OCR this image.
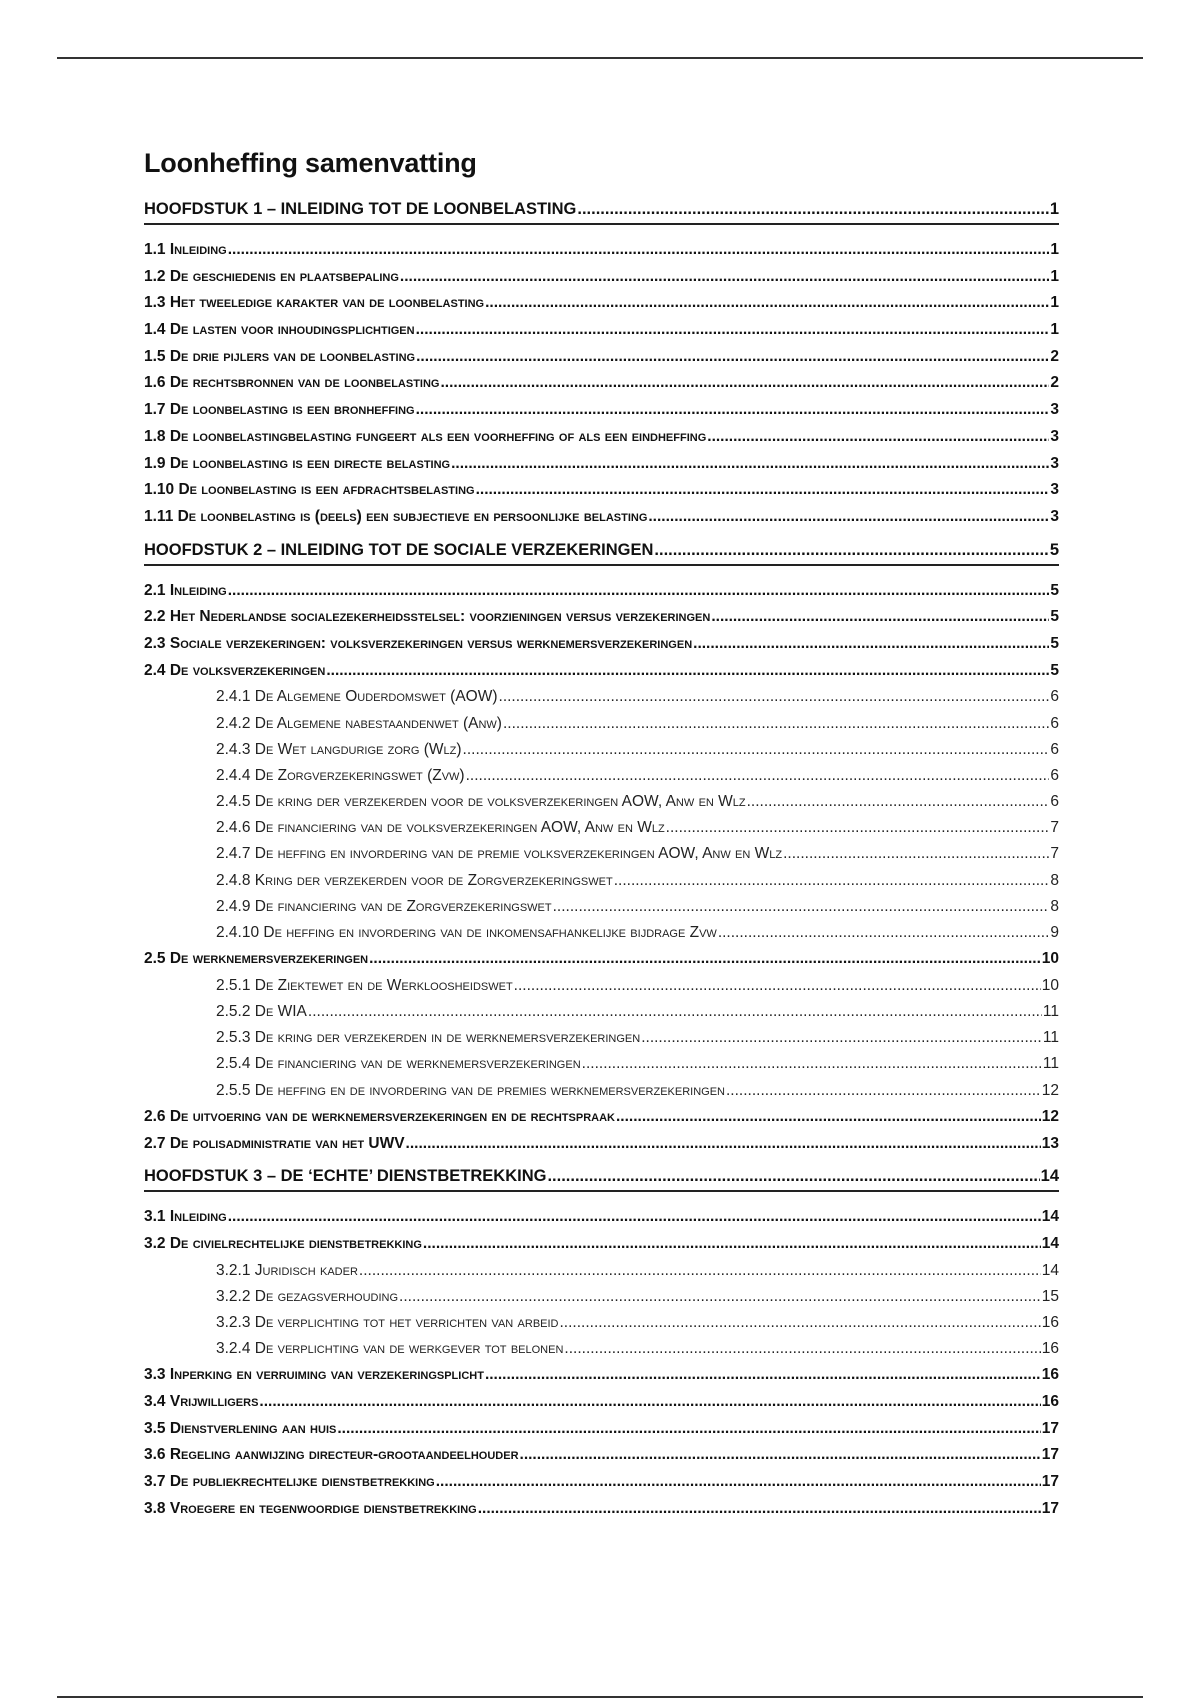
Loonheffing samenvatting
HOOFDSTUK 1 – INLEIDING TOT DE LOONBELASTING .....	1
1.1 Inleiding .....	1
1.2 De geschiedenis en plaatsbepaling .....	1
1.3 Het tweeledige karakter van de loonbelasting .....	1
1.4 De lasten voor inhoudingsplichtigen .....	1
1.5 De drie pijlers van de loonbelasting .....	2
1.6 De rechtsbronnen van de loonbelasting .....	2
1.7 De loonbelasting is een bronheffing .....	3
1.8 De loonbelastingbelasting fungeert als een voorheffing of als een eindheffing .....	3
1.9 De loonbelasting is een directe belasting .....	3
1.10 De loonbelasting is een afdrachtsbelasting .....	3
1.11 De loonbelasting is (deels) een subjectieve en persoonlijke belasting .....	3
HOOFDSTUK 2 – INLEIDING TOT DE SOCIALE VERZEKERINGEN .....	5
2.1 Inleiding .....	5
2.2 Het Nederlandse socialezekerheidsstelsel: voorzieningen versus verzekeringen .....	5
2.3 Sociale verzekeringen: volksverzekeringen versus werknemersverzekeringen .....	5
2.4 De volksverzekeringen .....	5
2.4.1 De Algemene Ouderdomswet (AOW) .....	6
2.4.2 De Algemene nabestaandenwet (Anw) .....	6
2.4.3 De Wet langdurige zorg (Wlz) .....	6
2.4.4 De Zorgverzekeringswet (Zvw) .....	6
2.4.5 De kring der verzekerden voor de volksverzekeringen AOW, Anw en Wlz .....	6
2.4.6 De financiering van de volksverzekeringen AOW, Anw en Wlz .....	7
2.4.7 De heffing en invordering van de premie volksverzekeringen AOW, Anw en Wlz .....	7
2.4.8 Kring der verzekerden voor de Zorgverzekeringswet .....	8
2.4.9 De financiering van de Zorgverzekeringswet .....	8
2.4.10 De heffing en invordering van de inkomensafhankelijke bijdrage Zvw .....	9
2.5 De werknemersverzekeringen .....	10
2.5.1 De Ziektewet en de Werkloosheidswet .....	10
2.5.2 De WIA .....	11
2.5.3 De kring der verzekerden in de werknemersverzekeringen .....	11
2.5.4 De financiering van de werknemersverzekeringen .....	11
2.5.5 De heffing en de invordering van de premies werknemersverzekeringen .....	12
2.6 De uitvoering van de werknemersverzekeringen en de rechtspraak .....	12
2.7 De polisadministratie van het UWV .....	13
HOOFDSTUK 3 – DE ‘ECHTE’ DIENSTBETREKKING .....	14
3.1 Inleiding .....	14
3.2 De civielrechtelijke dienstbetrekking .....	14
3.2.1 Juridisch kader .....	14
3.2.2 De gezagsverhouding .....	15
3.2.3 De verplichting tot het verrichten van arbeid .....	16
3.2.4 De verplichting van de werkgever tot belonen .....	16
3.3 Inperking en verruiming van verzekeringsplicht .....	16
3.4 Vrijwilligers .....	16
3.5 Dienstverlening aan huis .....	17
3.6 Regeling aanwijzing directeur-grootaandeelhouder .....	17
3.7 De publiekrechtelijke dienstbetrekking .....	17
3.8 Vroegere en tegenwoordige dienstbetrekking .....	17
